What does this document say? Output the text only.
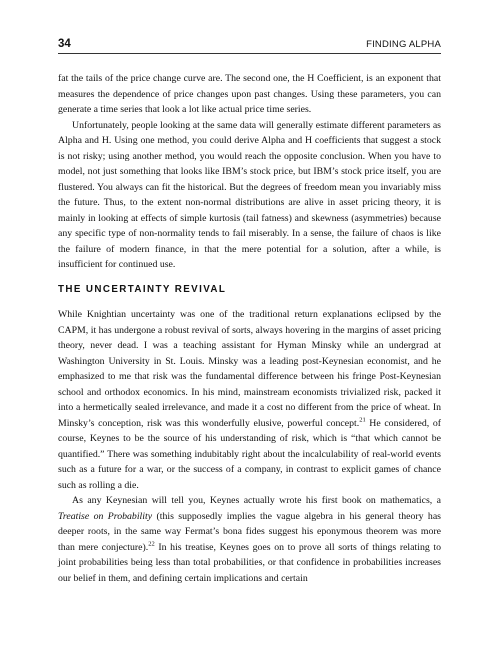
34	FINDING ALPHA

fat the tails of the price change curve are. The second one, the H Coefficient, is an exponent that measures the dependence of price changes upon past changes. Using these parameters, you can generate a time series that look a lot like actual price time series.

Unfortunately, people looking at the same data will generally estimate different parameters as Alpha and H. Using one method, you could derive Alpha and H coefficients that suggest a stock is not risky; using another method, you would reach the opposite conclusion. When you have to model, not just something that looks like IBM’s stock price, but IBM’s stock price itself, you are flustered. You always can fit the historical. But the degrees of freedom mean you invariably miss the future. Thus, to the extent non-normal distributions are alive in asset pricing theory, it is mainly in looking at effects of simple kurtosis (tail fatness) and skewness (asymmetries) because any specific type of non-normality tends to fail miserably. In a sense, the failure of chaos is like the failure of modern finance, in that the mere potential for a solution, after a while, is insufficient for continued use.

THE UNCERTAINTY REVIVAL

While Knightian uncertainty was one of the traditional return explanations eclipsed by the CAPM, it has undergone a robust revival of sorts, always hovering in the margins of asset pricing theory, never dead. I was a teaching assistant for Hyman Minsky while an undergrad at Washington University in St. Louis. Minsky was a leading post-Keynesian economist, and he emphasized to me that risk was the fundamental difference between his fringe Post-Keynesian school and orthodox economics. In his mind, mainstream economists trivialized risk, packed it into a hermetically sealed irrelevance, and made it a cost no different from the price of wheat. In Minsky’s conception, risk was this wonderfully elusive, powerful concept.$^{21}$ He considered, of course, Keynes to be the source of his understanding of risk, which is “that which cannot be quantified.” There was something indubitably right about the incalculability of real-world events such as a future for a war, or the success of a company, in contrast to explicit games of chance such as rolling a die.

As any Keynesian will tell you, Keynes actually wrote his first book on mathematics, a Treatise on Probability (this supposedly implies the vague algebra in his general theory has deeper roots, in the same way Fermat’s bona fides suggest his eponymous theorem was more than mere conjecture).$^{22}$ In his treatise, Keynes goes on to prove all sorts of things relating to joint probabilities being less than total probabilities, or that confidence in probabilities increases our belief in them, and defining certain implications and certain
